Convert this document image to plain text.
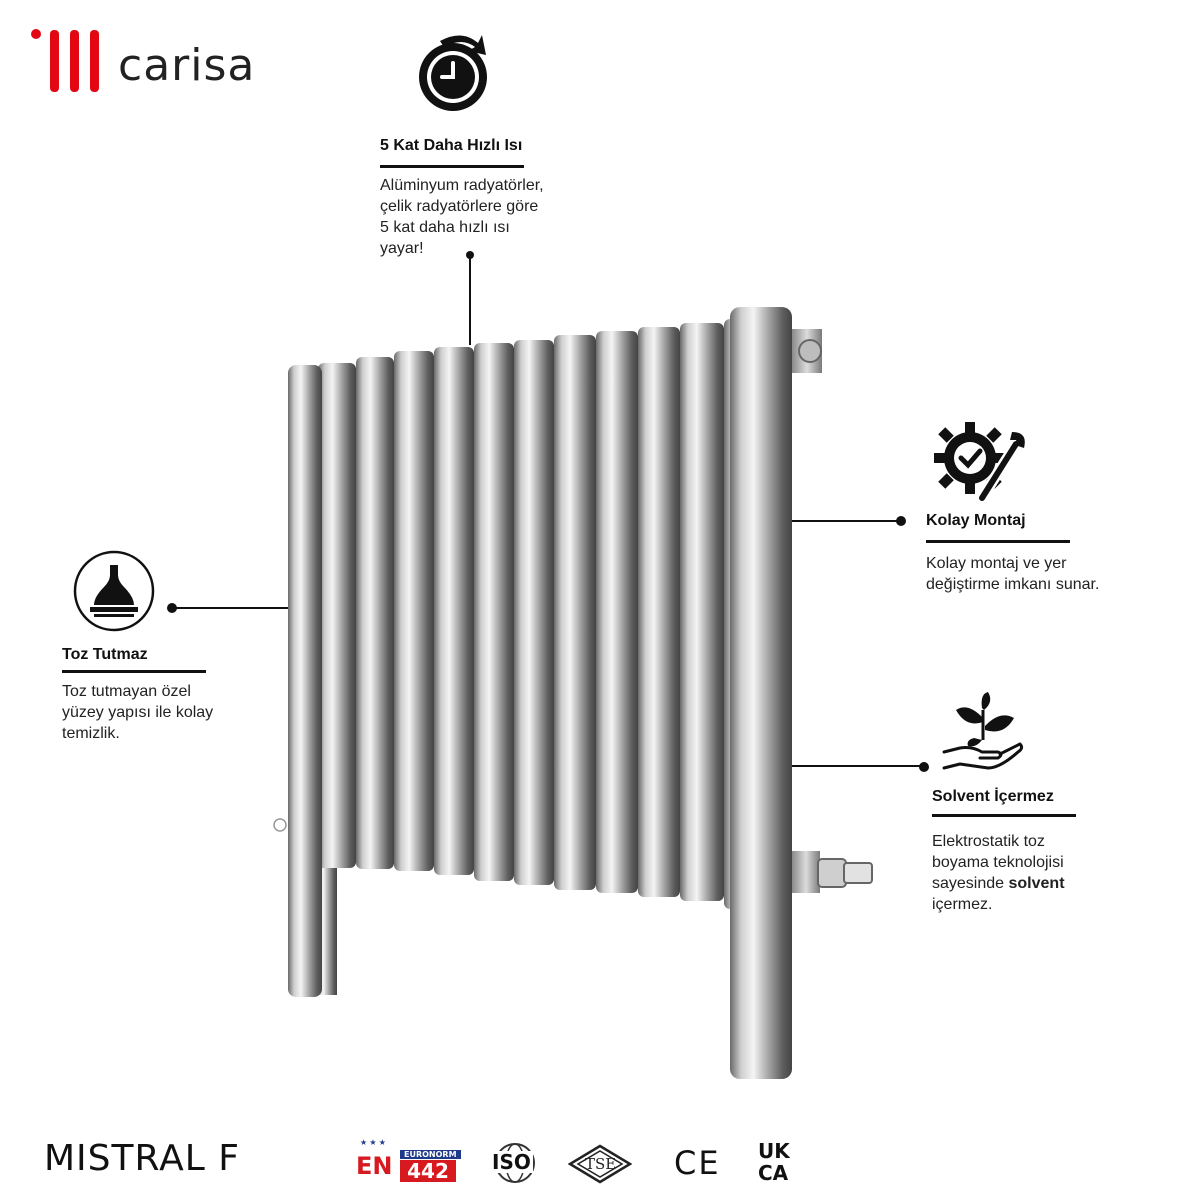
carisa
5 Kat Daha Hızlı Isı
Alüminyum radyatörler,
çelik radyatörlere göre
5 kat daha hızlı ısı
yayar!
Kolay Montaj
Kolay montaj ve yer
değiştirme imkanı sunar.
Toz Tutmaz
Toz tutmayan özel
yüzey yapısı ile kolay
temizlik.
Solvent İçermez
Elektrostatik toz
boyama teknolojisi
sayesinde solvent
içermez.
MISTRAL F	★ ★ ★
EN	EURONORM
442	ISO	TSE CE UK
CA
